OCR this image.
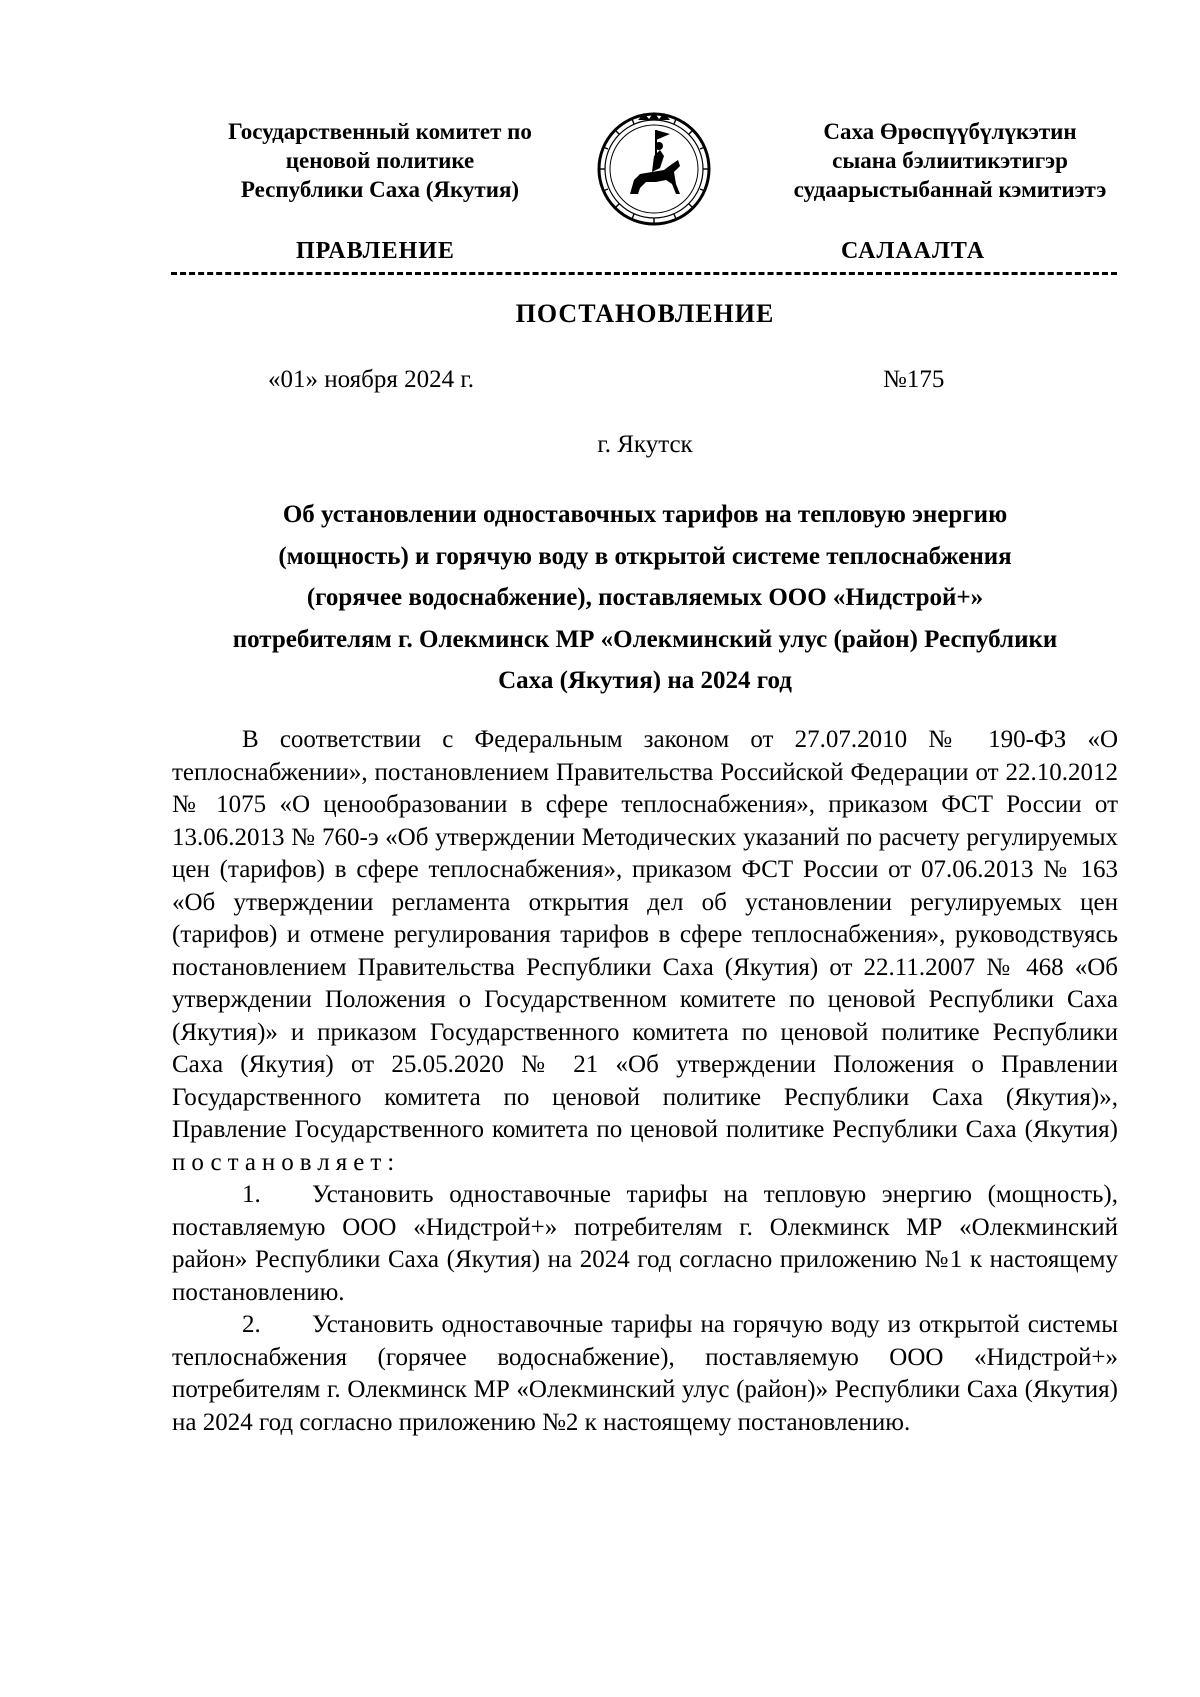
Государственный комитет по
ценовой политике
Республики Саха (Якутия)
Саха Өрөспүүбүлүкэтин
сыана бэлиитикэтигэр
судаарыстыбаннай кэмитиэтэ
ПРАВЛЕНИЕ	САЛААЛТА
ПОСТАНОВЛЕНИЕ
«01» ноября 2024 г.	№175
г. Якутск
Об установлении одноставочных тарифов на тепловую энергию
(мощность) и горячую воду в открытой системе теплоснабжения
(горячее водоснабжение), поставляемых ООО «Нидстрой+»
потребителям г. Олекминск МР «Олекминский улус (район) Республики
Саха (Якутия) на 2024 год

В соответствии с Федеральным законом от 27.07.2010 № 190-ФЗ «О теплоснабжении», постановлением Правительства Российской Федерации от 22.10.2012 № 1075 «О ценообразовании в сфере теплоснабжения», приказом ФСТ России от 13.06.2013 № 760-э «Об утверждении Методических указаний по расчету регулируемых цен (тарифов) в сфере теплоснабжения», приказом ФСТ России от 07.06.2013 № 163 «Об утверждении регламента открытия дел об установлении регулируемых цен (тарифов) и отмене регулирования тарифов в сфере теплоснабжения», руководствуясь постановлением Правительства Республики Саха (Якутия) от 22.11.2007 № 468 «Об утверждении Положения о Государственном комитете по ценовой Республики Саха (Якутия)» и приказом Государственного комитета по ценовой политике Республики Саха (Якутия) от 25.05.2020 № 21 «Об утверждении Положения о Правлении Государственного комитета по ценовой политике Республики Саха (Якутия)», Правление Государственного комитета по ценовой политике Республики Саха (Якутия) постановляет:

1. Установить одноставочные тарифы на тепловую энергию (мощность), поставляемую ООО «Нидстрой+» потребителям г. Олекминск МР «Олекминский район» Республики Саха (Якутия) на 2024 год согласно приложению №1 к настоящему постановлению.

2. Установить одноставочные тарифы на горячую воду из открытой системы теплоснабжения (горячее водоснабжение), поставляемую ООО «Нидстрой+» потребителям г. Олекминск МР «Олекминский улус (район)» Республики Саха (Якутия) на 2024 год согласно приложению №2 к настоящему постановлению.
